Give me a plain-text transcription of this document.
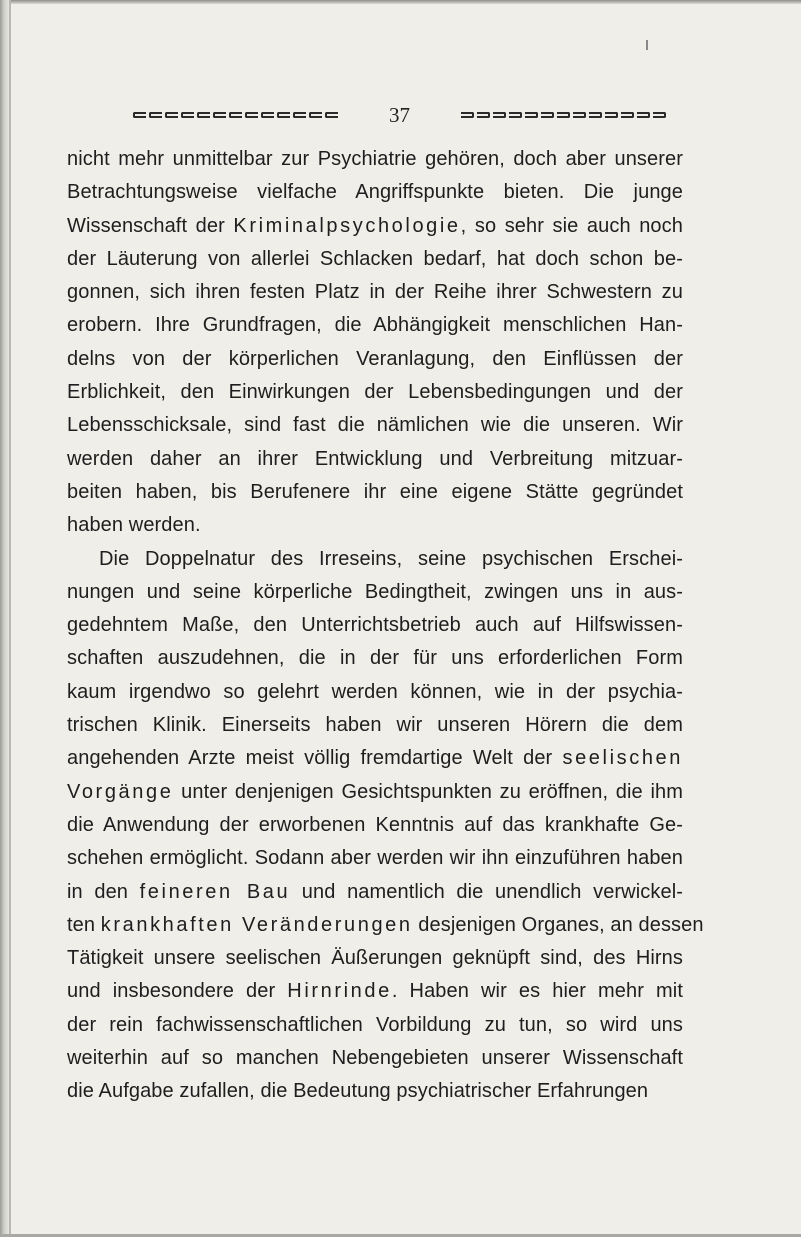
37
nicht mehr unmittelbar zur Psychiatrie gehören, doch aber unserer
Betrachtungsweise vielfache Angriffspunkte bieten. Die junge
Wissenschaft der Kriminalpsychologie, so sehr sie auch noch
der Läuterung von allerlei Schlacken bedarf, hat doch schon be-
gonnen, sich ihren festen Platz in der Reihe ihrer Schwestern zu
erobern. Ihre Grundfragen, die Abhängigkeit menschlichen Han-
delns von der körperlichen Veranlagung, den Einflüssen der
Erblichkeit, den Einwirkungen der Lebensbedingungen und der
Lebensschicksale, sind fast die nämlichen wie die unseren. Wir
werden daher an ihrer Entwicklung und Verbreitung mitzuar-
beiten haben, bis Berufenere ihr eine eigene Stätte gegründet
haben werden.
Die Doppelnatur des Irreseins, seine psychischen Erschei-
nungen und seine körperliche Bedingtheit, zwingen uns in aus-
gedehntem Maße, den Unterrichtsbetrieb auch auf Hilfswissen-
schaften auszudehnen, die in der für uns erforderlichen Form
kaum irgendwo so gelehrt werden können, wie in der psychia-
trischen Klinik. Einerseits haben wir unseren Hörern die dem
angehenden Arzte meist völlig fremdartige Welt der seelischen
Vorgänge unter denjenigen Gesichtspunkten zu eröffnen, die ihm
die Anwendung der erworbenen Kenntnis auf das krankhafte Ge-
schehen ermöglicht. Sodann aber werden wir ihn einzuführen haben
in den feineren Bau und namentlich die unendlich verwickel-
ten krankhaften Veränderungen desjenigen Organes, an dessen
Tätigkeit unsere seelischen Äußerungen geknüpft sind, des Hirns
und insbesondere der Hirnrinde. Haben wir es hier mehr mit
der rein fachwissenschaftlichen Vorbildung zu tun, so wird uns
weiterhin auf so manchen Nebengebieten unserer Wissenschaft
die Aufgabe zufallen, die Bedeutung psychiatrischer Erfahrungen
